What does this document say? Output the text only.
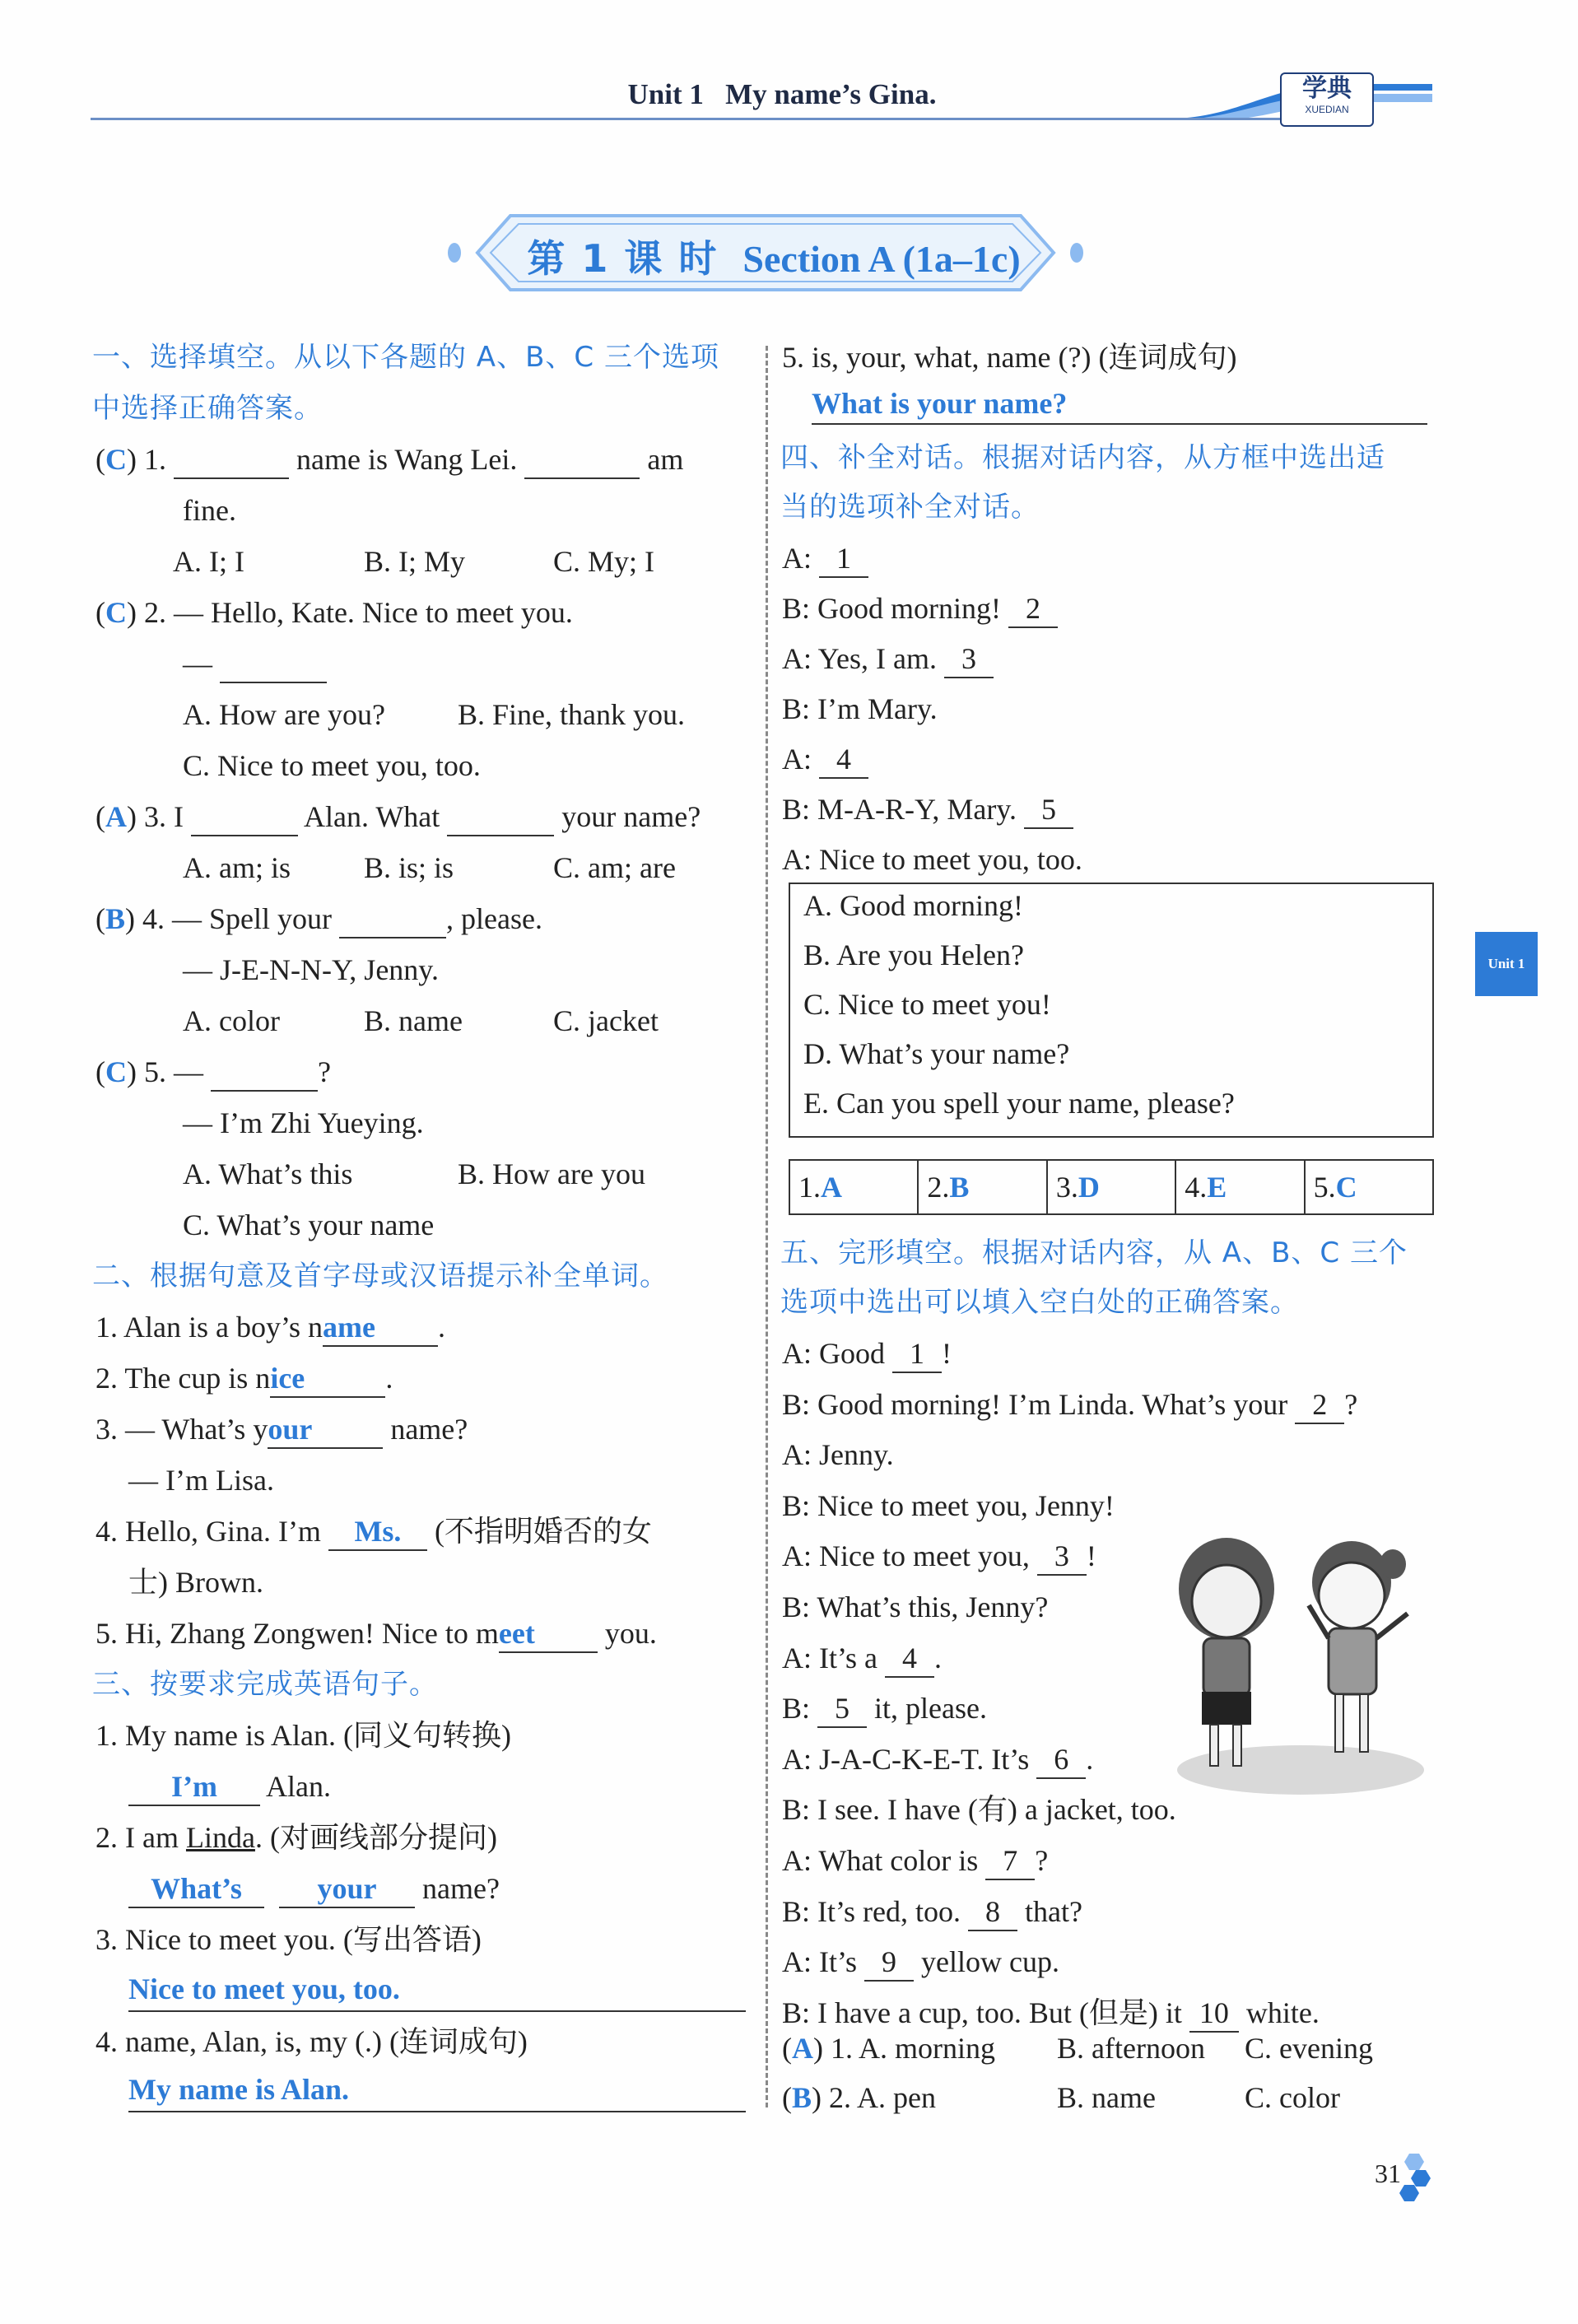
Unit 1   My name’s Gina.	学典
XUEDIAN
第 1 课 时 Section A (1a–1c)
一、选择填空。从以下各题的 A、B、C 三个选项
中选择正确答案。
(C) 1.	name is Wang Lei.	am
fine.
A. I; I	B. I; My	C. My; I
(C) 2. — Hello, Kate. Nice to meet you.
—
A. How are you? B. Fine, thank you.
C. Nice to meet you, too.
(A) 3. I	Alan. What	your name?
A. am; is B. is; is	C. am; are
(B) 4. — Spell your	, please.
— J-E-N-N-Y, Jenny.
A. color	B. name	C. jacket
(C) 5. —	?
— I’m Zhi Yueying.
A. What’s this	B. How are you
C. What’s your name
二、根据句意及首字母或汉语提示补全单词。
1. Alan is a boy’s name .
2. The cup is nice	.
3. — What’s your name?
— I’m Lisa.
4. Hello, Gina. I’m Ms. (不指明婚否的女
士) Brown.
5. Hi, Zhang Zongwen! Nice to meet you.
三、按要求完成英语句子。
1. My name is Alan. (同义句转换)
I’m Alan.
2. I am Linda. (对画线部分提问)
What’s	your name?
3. Nice to meet you. (写出答语)
Nice to meet you, too.
4. name, Alan, is, my (.) (连词成句)
My name is Alan.
5. is, your, what, name (?) (连词成句)
What is your name?
四、补全对话。根据对话内容，从方框中选出适
当的选项补全对话。
A: 1
B: Good morning! 2
A: Yes, I am. 3
B: I’m Mary.
A: 4
B: M-A-R-Y, Mary. 5
A: Nice to meet you, too.
A. Good morning!
B. Are you Helen?
C. Nice to meet you!
D. What’s your name?
E. Can you spell your name, please?
1.A	2.B	3.D	4.E	5.C
五、完形填空。根据对话内容，从 A、B、C 三个
选项中选出可以填入空白处的正确答案。
A: Good 1 !
B: Good morning! I’m Linda. What’s your 2 ?
A: Jenny.
B: Nice to meet you, Jenny!
A: Nice to meet you, 3 !
B: What’s this, Jenny?
A: It’s a 4 .
B: 5 it, please.
A: J-A-C-K-E-T. It’s 6 .
B: I see. I have (有) a jacket, too.
A: What color is 7 ?
B: It’s red, too. 8 that?
A: It’s 9 yellow cup.
B: I have a cup, too. But (但是) it 10 white.
(A) 1. A. morning B. afternoon C. evening
(B) 2. A. pen	B. name	C. color
Unit 1
31
